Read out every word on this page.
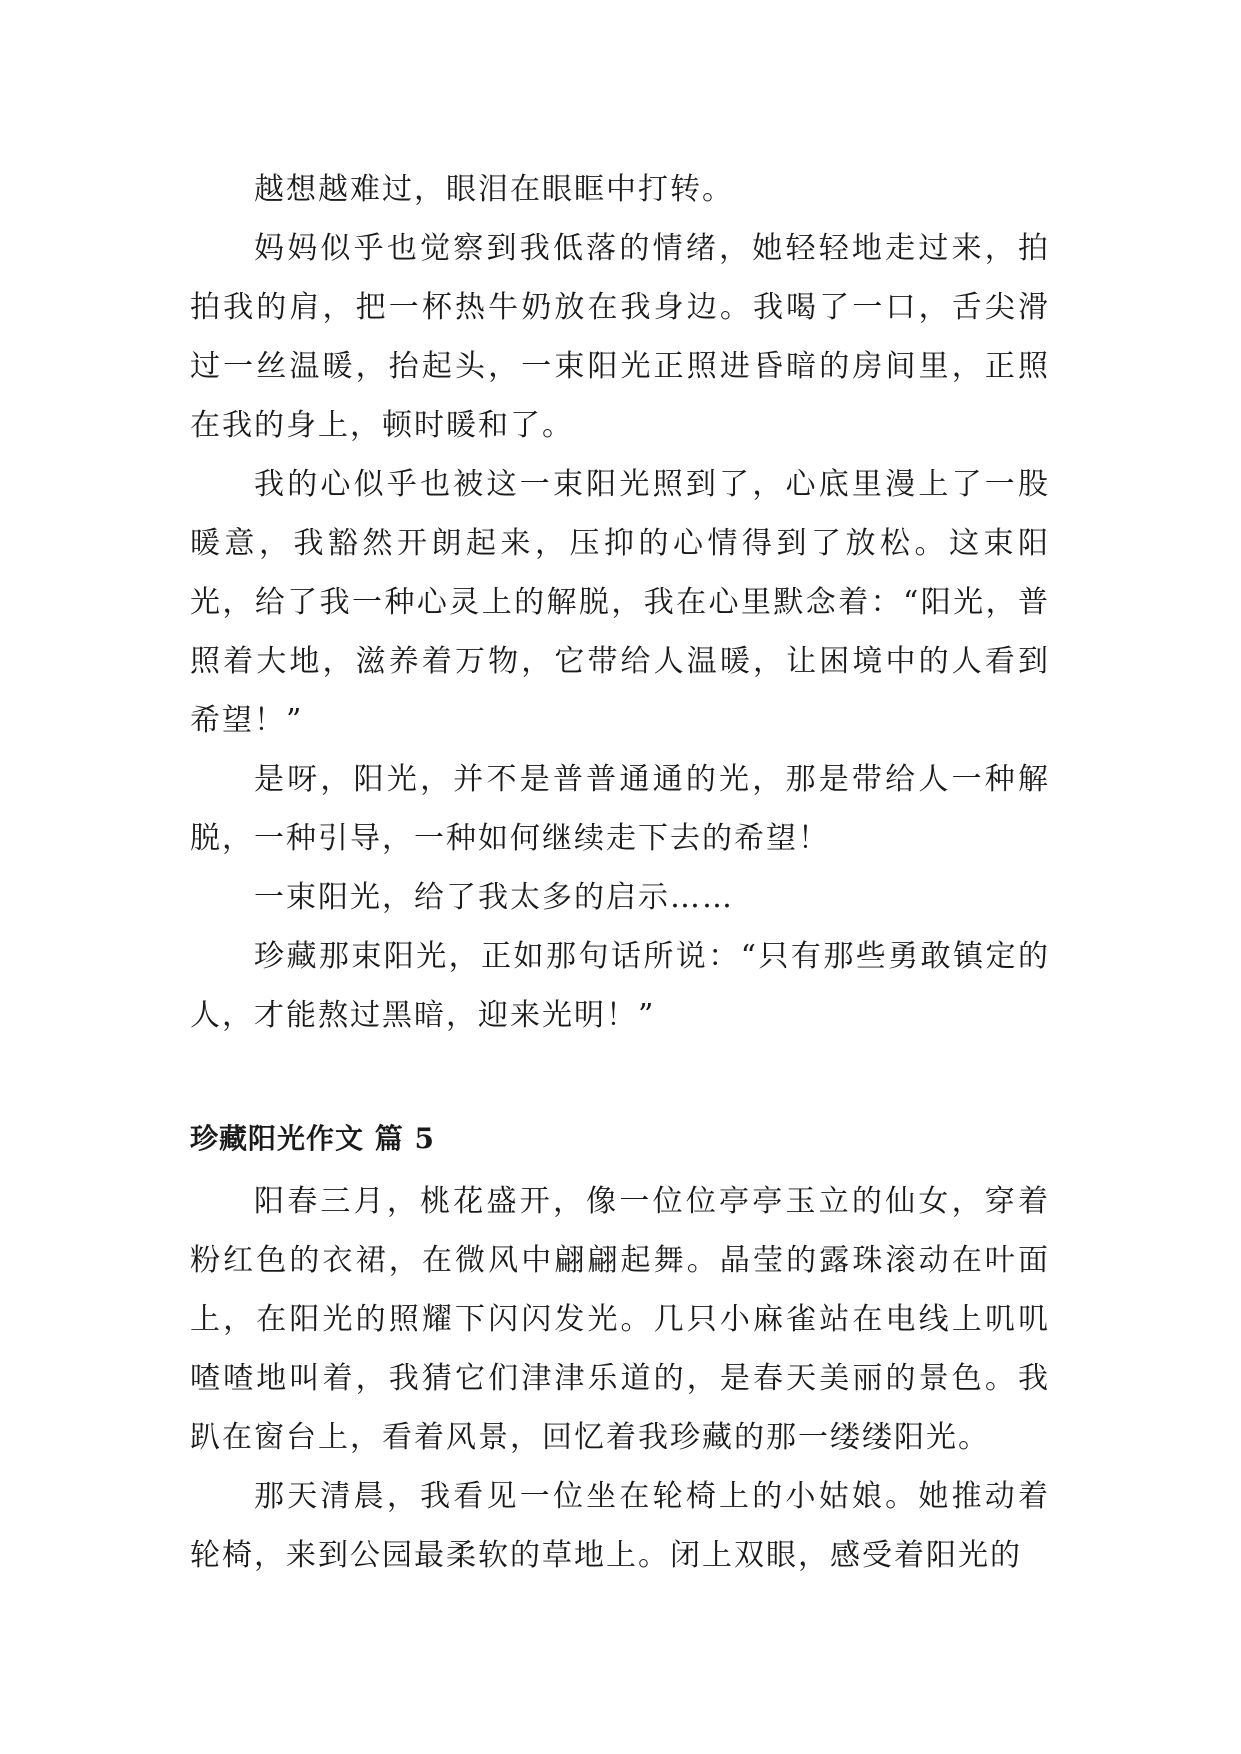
越想越难过，眼泪在眼眶中打转。

妈妈似乎也觉察到我低落的情绪，她轻轻地走过来，拍拍我的肩，把一杯热牛奶放在我身边。我喝了一口，舌尖滑过一丝温暖，抬起头，一束阳光正照进昏暗的房间里，正照在我的身上，顿时暖和了。

我的心似乎也被这一束阳光照到了，心底里漫上了一股暖意，我豁然开朗起来，压抑的心情得到了放松。这束阳光，给了我一种心灵上的解脱，我在心里默念着：“阳光，普照着大地，滋养着万物，它带给人温暖，让困境中的人看到希望！”

是呀，阳光，并不是普普通通的光，那是带给人一种解脱，一种引导，一种如何继续走下去的希望！

一束阳光，给了我太多的启示……

珍藏那束阳光，正如那句话所说：“只有那些勇敢镇定的人，才能熬过黑暗，迎来光明！”

珍藏阳光作文 篇 5

阳春三月，桃花盛开，像一位位亭亭玉立的仙女，穿着粉红色的衣裙，在微风中翩翩起舞。晶莹的露珠滚动在叶面上，在阳光的照耀下闪闪发光。几只小麻雀站在电线上叽叽喳喳地叫着，我猜它们津津乐道的，是春天美丽的景色。我趴在窗台上，看着风景，回忆着我珍藏的那一缕缕阳光。

那天清晨，我看见一位坐在轮椅上的小姑娘。她推动着轮椅，来到公园最柔软的草地上。闭上双眼，感受着阳光的
